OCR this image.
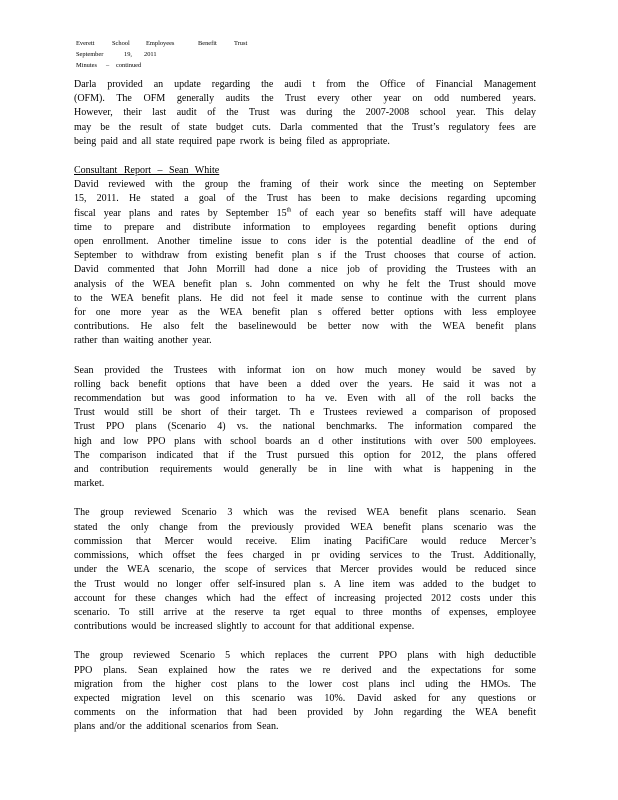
Everett	School	Employees	Benefit	Trust
September	19,	2011
Minutes	–	continued

Darla provided an update regarding the audi t from the Office of Financial Management
(OFM). The OFM generally audits the Trust every other year on odd numbered years.
However, their last audit of the Trust was during the 2007-2008 school year. This delay
may be the result of state budget cuts. Darla commented that the Trust’s regulatory fees are
being paid and all state required pape rwork is being filed as appropriate.

Consultant Report – Sean White

David reviewed with the group the framing of their work since the meeting on September
15, 2011. He stated a goal of the Trust has been to make decisions regarding upcoming
fiscal year plans and rates by September 15th of each year so benefits staff will have adequate
time to prepare and distribute information to employees regarding benefit options during
open enrollment. Another timeline issue to cons ider is the potential deadline of the end of
September to withdraw from existing benefit plan s if the Trust chooses that course of action.
David commented that John Morrill had done a nice job of providing the Trustees with an
analysis of the WEA benefit plan s. John commented on why he felt the Trust should move
to the WEA benefit plans. He did not feel it made sense to continue with the current plans
for one more year as the WEA benefit plan s offered better options with less employee
contributions. He also felt the baselinewould be better now with the WEA benefit plans
rather than waiting another year.

Sean provided the Trustees with informat ion on how much money would be saved by
rolling back benefit options that have been a dded over the years. He said it was not a
recommendation but was good information to ha ve. Even with all of the roll backs the
Trust would still be short of their target. Th e Trustees reviewed a comparison of proposed
Trust PPO plans (Scenario 4) vs. the national benchmarks. The information compared the
high and low PPO plans with school boards an d other institutions with over 500 employees.
The comparison indicated that if the Trust pursued this option for 2012, the plans offered
and contribution requirements would generally be in line with what is happening in the
market.

The group reviewed Scenario 3 which was the revised WEA benefit plans scenario. Sean
stated the only change from the previously provided WEA benefit plans scenario was the
commission that Mercer would receive. Elim inating PacifiCare would reduce Mercer’s
commissions, which offset the fees charged in pr oviding services to the Trust. Additionally,
under the WEA scenario, the scope of services that Mercer provides would be reduced since
the Trust would no longer offer self-insured plan s. A line item was added to the budget to
account for these changes which had the effect of increasing projected 2012 costs under this
scenario. To still arrive at the reserve ta rget equal to three months of expenses, employee
contributions would be increased slightly to account for that additional expense.

The group reviewed Scenario 5 which replaces the current PPO plans with high deductible
PPO plans. Sean explained how the rates we re derived and the expectations for some
migration from the higher cost plans to the lower cost plans incl uding the HMOs. The
expected migration level on this scenario was 10%. David asked for any questions or
comments on the information that had been provided by John regarding the WEA benefit
plans and/or the additional scenarios from Sean.
